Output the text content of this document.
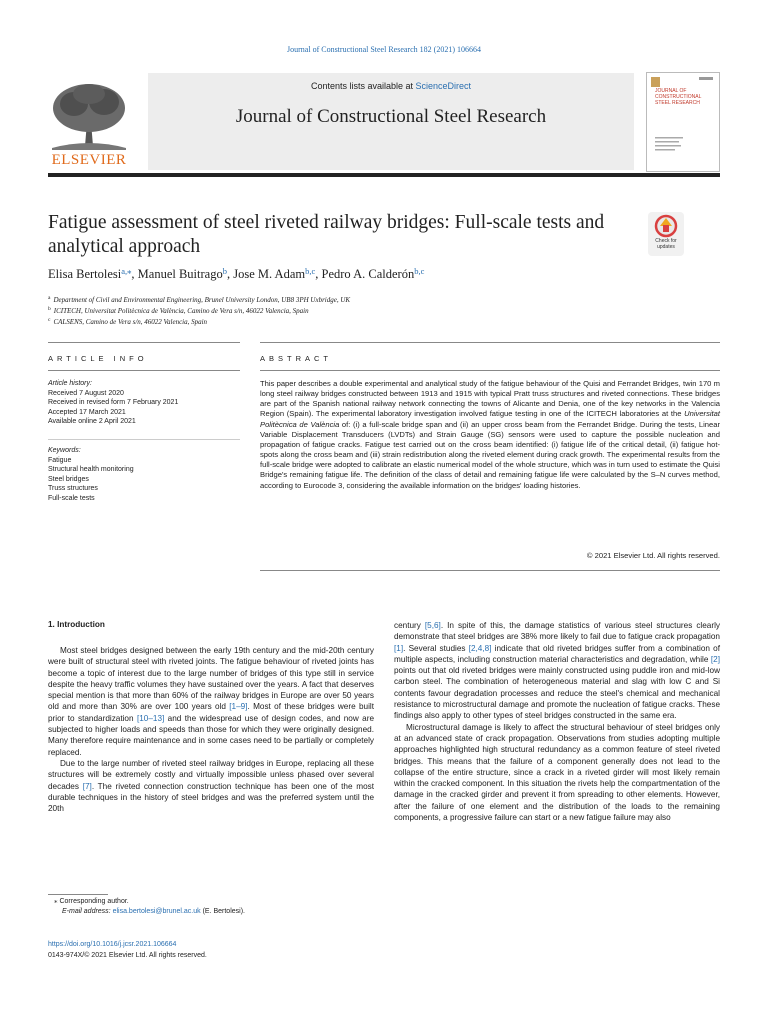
Journal of Constructional Steel Research 182 (2021) 106664
ELSEVIER
Contents lists available at ScienceDirect
Journal of Constructional Steel Research
JOURNAL OF
CONSTRUCTIONAL
STEEL RESEARCH
Fatigue assessment of steel riveted railway bridges: Full-scale tests and analytical approach	Check for updates
Elisa Bertolesi$^{a,⁎}$, Manuel Buitrago$^b$, Jose M. Adam$^{b,c}$, Pedro A. Calderón$^{b,c}$
$^a$ Department of Civil and Environmental Engineering, Brunel University London, UB8 3PH Uxbridge, UK
$^b$ ICITECH, Universitat Politècnica de València, Camino de Vera s/n, 46022 Valencia, Spain
$^c$ CALSENS, Camino de Vera s/n, 46022 Valencia, Spain
ARTICLE INFO	ABSTRACT
Article history:
Received 7 August 2020
Received in revised form 7 February 2021
Accepted 17 March 2021
Available online 2 April 2021
Keywords:
Fatigue
Structural health monitoring
Steel bridges
Truss structures
Full-scale tests
This paper describes a double experimental and analytical study of the fatigue behaviour of the Quisi and Ferrandet Bridges, twin 170 m long steel railway bridges constructed between 1913 and 1915 with typical Pratt truss structures and riveted connections. These bridges are part of the Spanish national railway network connecting the towns of Alicante and Denia, one of the key networks in the Valencia Region (Spain). The experimental laboratory investigation involved fatigue testing in one of the ICITECH laboratories at the Universitat Politècnica de València of: (i) a full-scale bridge span and (ii) an upper cross beam from the Ferrandet Bridge. During the tests, Linear Variable Displacement Transducers (LVDTs) and Strain Gauge (SG) sensors were used to capture the possible nucleation and propagation of fatigue cracks. Fatigue test carried out on the cross beam identified: (i) fatigue life of the critical detail, (ii) fatigue hot-spots along the cross beam and (iii) strain redistribution along the riveted element during crack growth. The experimental results from the full-scale bridge were adopted to calibrate an elastic numerical model of the whole structure, which was in turn used to estimate the Quisi Bridge's remaining fatigue life. The definition of the class of detail and remaining fatigue life were calculated by the S–N curves method, according to Eurocode 3, considering the available information on the bridges' loading histories.
© 2021 Elsevier Ltd. All rights reserved.
1. Introduction

Most steel bridges designed between the early 19th century and the mid-20th century were built of structural steel with riveted joints. The fatigue behaviour of riveted joints has become a topic of interest due to the large number of bridges of this type still in service despite the heavy traffic volumes they have sustained over the years. A fact that deserves special mention is that more than 60% of the railway bridges in Europe are over 50 years old and more than 30% are over 100 years old [1–9]. Most of these bridges were built prior to standardization [10–13] and the widespread use of design codes, and now are subjected to higher loads and speeds than those for which they were originally designed. Many therefore require maintenance and in some cases need to be partially or completely replaced.

Due to the large number of riveted steel railway bridges in Europe, replacing all these structures will be extremely costly and virtually impossible unless phased over several decades [7]. The riveted connection construction technique has been one of the most durable techniques in the history of steel bridges and was the preferred system until the 20th

century [5,6]. In spite of this, the damage statistics of various steel structures clearly demonstrate that steel bridges are 38% more likely to fail due to fatigue crack propagation [1]. Several studies [2,4,8] indicate that old riveted bridges suffer from a combination of multiple aspects, including construction material characteristics and degradation, while [2] points out that old riveted bridges were mainly constructed using puddle iron and mid-low carbon steel. The combination of heterogeneous material and slag with low C and Si contents favour degradation processes and reduce the steel's chemical and mechanical resistance to microstructural damage and promote the nucleation of fatigue cracks. These findings also apply to other types of steel bridges constructed in the same era.

Microstructural damage is likely to affect the structural behaviour of steel bridges only at an advanced state of crack propagation. Observations from studies adopting multiple approaches highlighted high structural redundancy as a common feature of steel riveted bridges. This means that the failure of a component generally does not lead to the collapse of the entire structure, since a crack in a riveted girder will most likely remain within the cracked component. In this situation the rivets help the compartmentation of the damage in the cracked girder and prevent it from spreading to other elements. However, after the failure of one element and the distribution of the loads to the remaining components, a progressive failure can start or a new fatigue failure may also

⁎ Corresponding author.
E-mail address: elisa.bertolesi@brunel.ac.uk (E. Bertolesi).
https://doi.org/10.1016/j.jcsr.2021.106664
0143-974X/© 2021 Elsevier Ltd. All rights reserved.
